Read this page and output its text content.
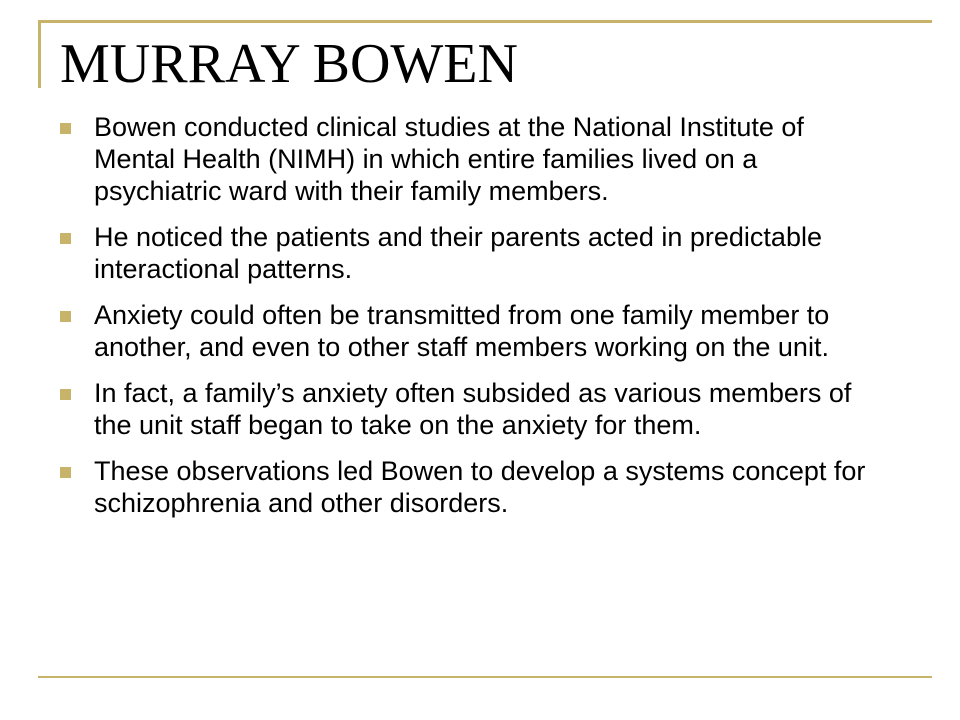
MURRAY BOWEN
Bowen conducted clinical studies at the National Institute of Mental Health (NIMH) in which entire families lived on a psychiatric ward with their family members.
He noticed the patients and their parents acted in predictable interactional patterns.
Anxiety could often be transmitted from one family member to another, and even to other staff members working on the unit.
In fact, a family’s anxiety often subsided as various members of the unit staff began to take on the anxiety for them.
These observations led Bowen to develop a systems concept for schizophrenia and other disorders.
